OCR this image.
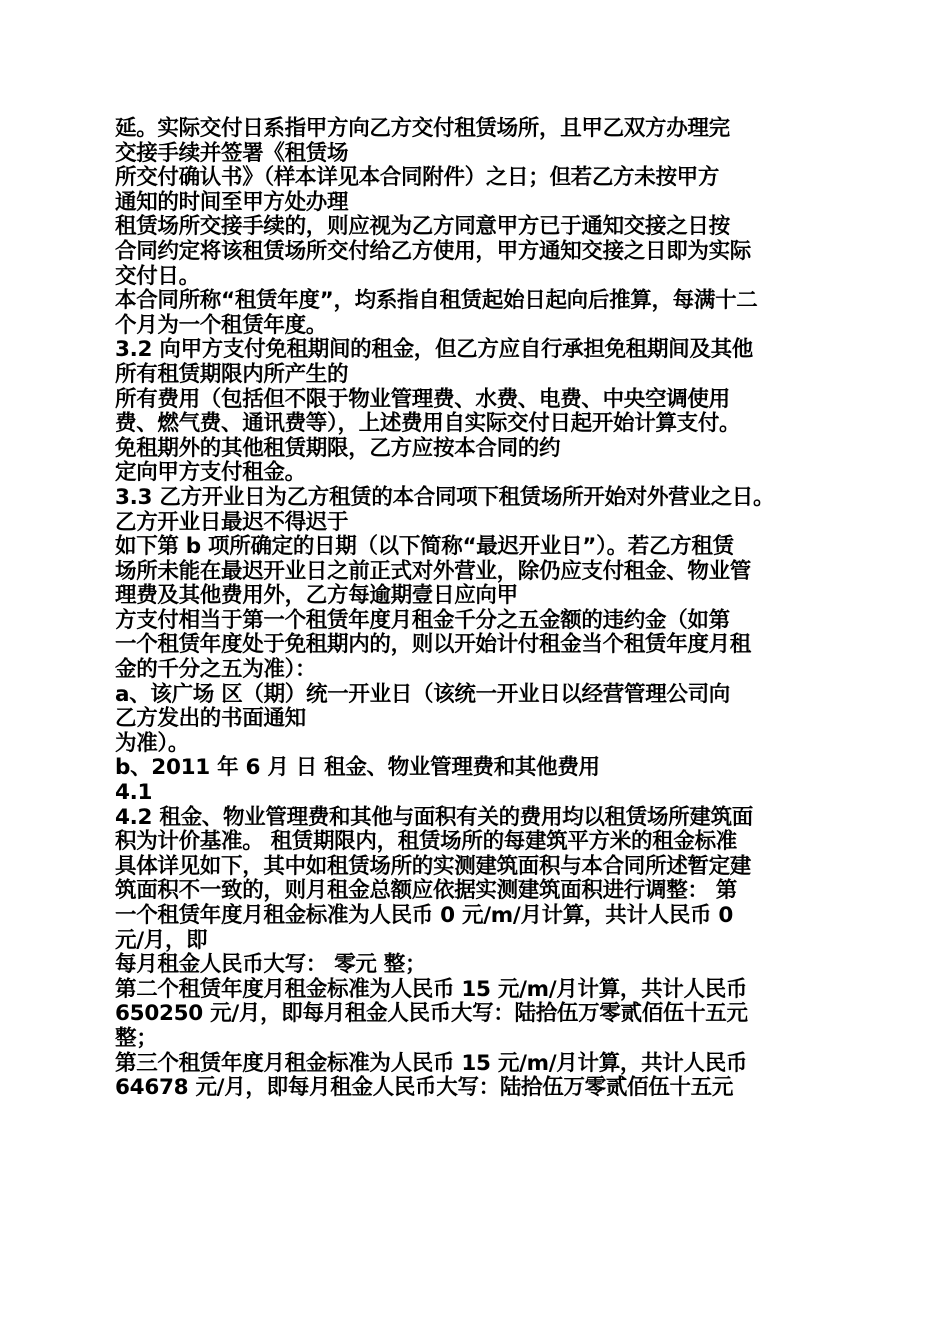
延。实际交付日系指甲方向乙方交付租赁场所，且甲乙双方办理完
交接手续并签署《租赁场
所交付确认书》（样本详见本合同附件）之日；但若乙方未按甲方
通知的时间至甲方处办理
租赁场所交接手续的，则应视为乙方同意甲方已于通知交接之日按
合同约定将该租赁场所交付给乙方使用，甲方通知交接之日即为实际
交付日。
本合同所称“租赁年度”，均系指自租赁起始日起向后推算，每满十二
个月为一个租赁年度。
3.2 向甲方支付免租期间的租金，但乙方应自行承担免租期间及其他
所有租赁期限内所产生的
所有费用（包括但不限于物业管理费、水费、电费、中央空调使用
费、燃气费、通讯费等），上述费用自实际交付日起开始计算支付。
免租期外的其他租赁期限，乙方应按本合同的约
定向甲方支付租金。
3.3 乙方开业日为乙方租赁的本合同项下租赁场所开始对外营业之日。
乙方开业日最迟不得迟于
如下第 b 项所确定的日期（以下简称“最迟开业日”）。若乙方租赁
场所未能在最迟开业日之前正式对外营业，除仍应支付租金、物业管
理费及其他费用外，乙方每逾期壹日应向甲
方支付相当于第一个租赁年度月租金千分之五金额的违约金（如第
一个租赁年度处于免租期内的，则以开始计付租金当个租赁年度月租
金的千分之五为准）：
a、该广场 区（期）统一开业日（该统一开业日以经营管理公司向
乙方发出的书面通知
为准）。
b、2011 年 6 月 日 租金、物业管理费和其他费用
4.1
4.2 租金、物业管理费和其他与面积有关的费用均以租赁场所建筑面
积为计价基准。 租赁期限内，租赁场所的每建筑平方米的租金标准
具体详见如下，其中如租赁场所的实测建筑面积与本合同所述暂定建
筑面积不一致的，则月租金总额应依据实测建筑面积进行调整： 第
一个租赁年度月租金标准为人民币 0 元/m/月计算，共计人民币 0
元/月，即
每月租金人民币大写： 零元 整；
第二个租赁年度月租金标准为人民币 15 元/m/月计算，共计人民币
650250 元/月，即每月租金人民币大写：陆拾伍万零贰佰伍十五元
整；
第三个租赁年度月租金标准为人民币 15 元/m/月计算，共计人民币
64678 元/月，即每月租金人民币大写：陆拾伍万零贰佰伍十五元
